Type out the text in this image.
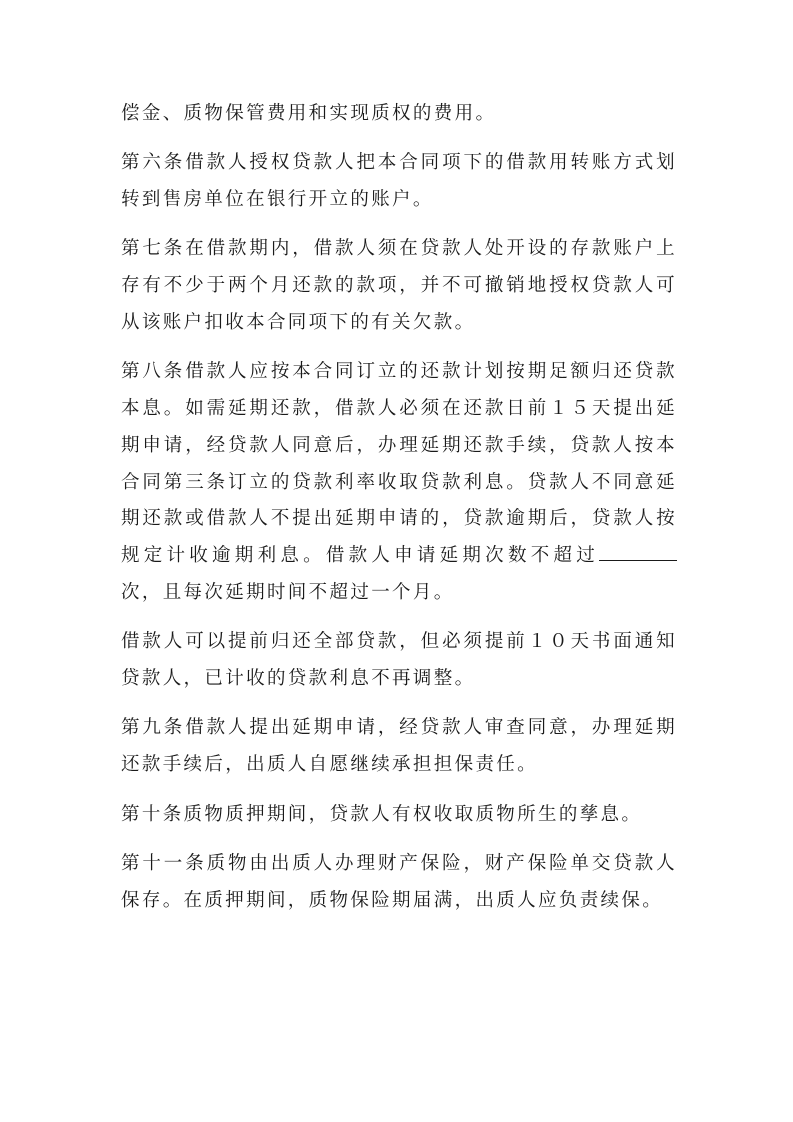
偿金、质物保管费用和实现质权的费用。

第六条借款人授权贷款人把本合同项下的借款用转账方式划转到售房单位在银行开立的账户。

第七条在借款期内，借款人须在贷款人处开设的存款账户上存有不少于两个月还款的款项，并不可撤销地授权贷款人可从该账户扣收本合同项下的有关欠款。

第八条借款人应按本合同订立的还款计划按期足额归还贷款本息。如需延期还款，借款人必须在还款日前１５天提出延期申请，经贷款人同意后，办理延期还款手续，贷款人按本合同第三条订立的贷款利率收取贷款利息。贷款人不同意延期还款或借款人不提出延期申请的，贷款逾期后，贷款人按规定计收逾期利息。借款人申请延期次数不超过次，且每次延期时间不超过一个月。

借款人可以提前归还全部贷款，但必须提前１０天书面通知贷款人，已计收的贷款利息不再调整。

第九条借款人提出延期申请，经贷款人审查同意，办理延期还款手续后，出质人自愿继续承担担保责任。

第十条质物质押期间，贷款人有权收取质物所生的孳息。

第十一条质物由出质人办理财产保险，财产保险单交贷款人保存。在质押期间，质物保险期届满，出质人应负责续保。
